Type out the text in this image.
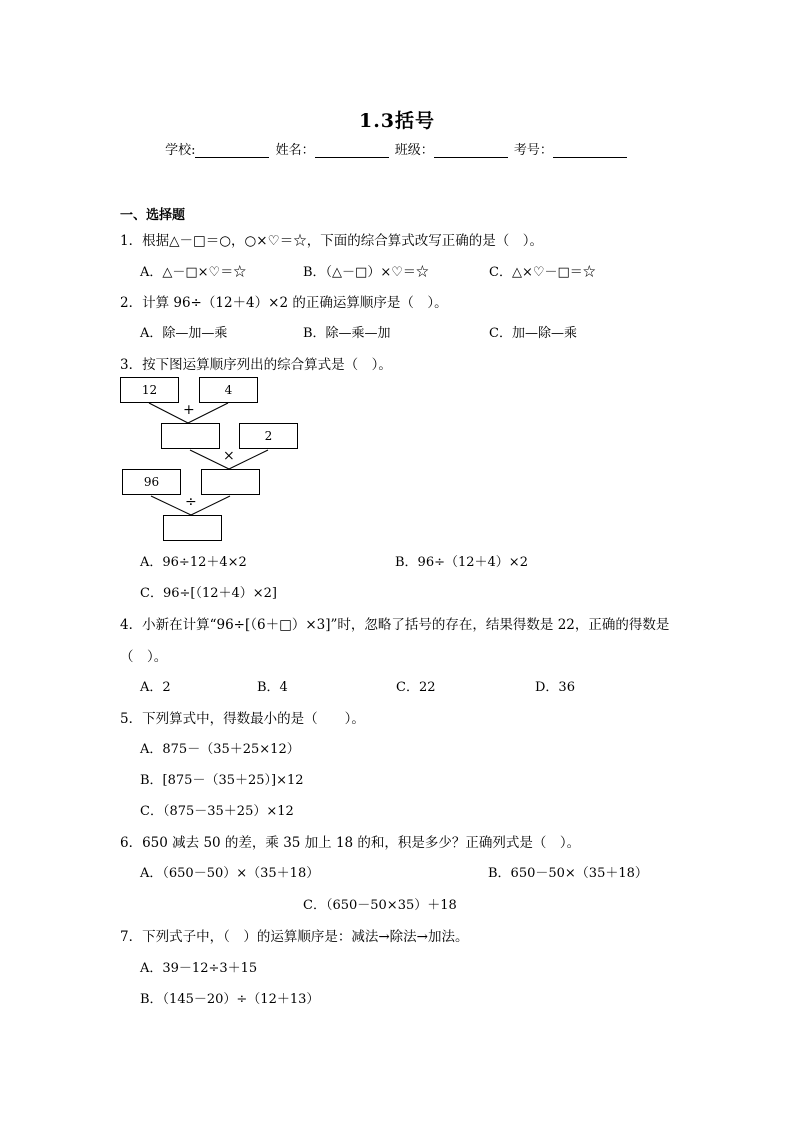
1.3括号
学校:	姓名：	班级：	考号：
一、选择题
1．根据△－□＝○，○×♡＝☆，下面的综合算式改写正确的是（　）。
A．△－□×♡＝☆	B．（△－□）×♡＝☆	C．△×♡－□＝☆
2．计算 96÷（12＋4）×2 的正确运算顺序是（　）。
A．除—加—乘	B．除—乘—加	C．加—除—乘
3．按下图运算顺序列出的综合算式是（　）。
12	4
+
2
×
96
÷
A．96÷12＋4×2	B．96÷（12＋4）×2
C．96÷[（12＋4）×2]
4．小新在计算“96÷[（6＋□）×3]”时，忽略了括号的存在，结果得数是 22，正确的得数是
（　）。
A．2	B．4	C．22	D．36
5．下列算式中，得数最小的是（　　）。
A．875－（35＋25×12）
B．[875－（35＋25）]×12
C．（875－35＋25）×12
6．650 减去 50 的差，乘 35 加上 18 的和，积是多少？正确列式是（　）。
A．（650－50）×（35＋18）	B．650－50×（35＋18）
C．（650－50×35）＋18
7．下列式子中，（　）的运算顺序是：减法→除法→加法。
A．39－12÷3＋15
B．（145－20）÷（12＋13）
